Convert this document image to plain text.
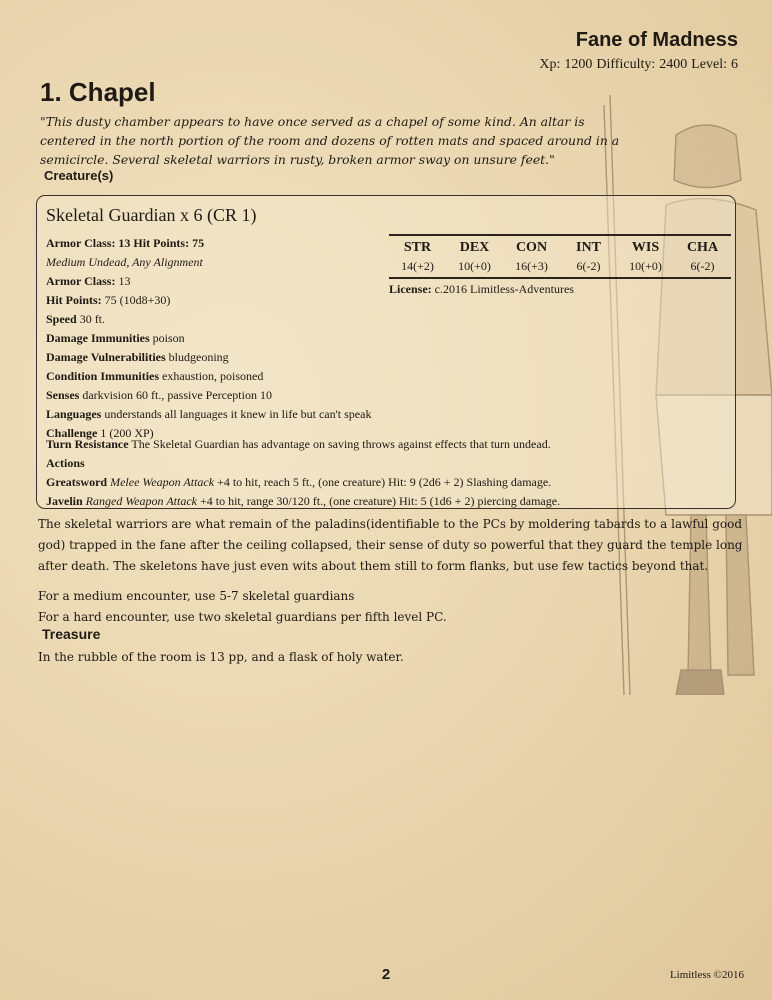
Fane of Madness
Xp: 1200 Difficulty: 2400 Level: 6
1. Chapel

"This dusty chamber appears to have once served as a chapel of some kind. An altar is centered in the north portion of the room and dozens of rotten mats and spaced around in a semicircle. Several skeletal warriors in rusty, broken armor sway on unsure feet."

Creature(s)
Skeletal Guardian x 6 (CR 1)
Armor Class: 13 Hit Points: 75
Medium Undead, Any Alignment
Armor Class: 13
Hit Points: 75 (10d8+30)
Speed 30 ft.
Damage Immunities poison
Damage Vulnerabilities bludgeoning
Condition Immunities exhaustion, poisoned
Senses darkvision 60 ft., passive Perception 10
Languages understands all languages it knew in life but can't speak
Challenge 1 (200 XP)
STR	DEX	CON	INT	WIS	CHA
14(+2)	10(+0)	16(+3)	6(-2)	10(+0)	6(-2)
License: c.2016 Limitless-Adventures
Turn Resistance The Skeletal Guardian has advantage on saving throws against effects that turn undead.
Actions
Greatsword Melee Weapon Attack +4 to hit, reach 5 ft., (one creature) Hit: 9 (2d6 + 2) Slashing damage.
Javelin Ranged Weapon Attack +4 to hit, range 30/120 ft., (one creature) Hit: 5 (1d6 + 2) piercing damage.

The skeletal warriors are what remain of the paladins(identifiable to the PCs by moldering tabards to a lawful good god) trapped in the fane after the ceiling collapsed, their sense of duty so powerful that they guard the temple long after death. The skeletons have just even wits about them still to form flanks, but use few tactics beyond that.

For a medium encounter, use 5-7 skeletal guardians
For a hard encounter, use two skeletal guardians per fifth level PC.
Treasure

In the rubble of the room is 13 pp, and a flask of holy water.

2	Limitless ©2016
